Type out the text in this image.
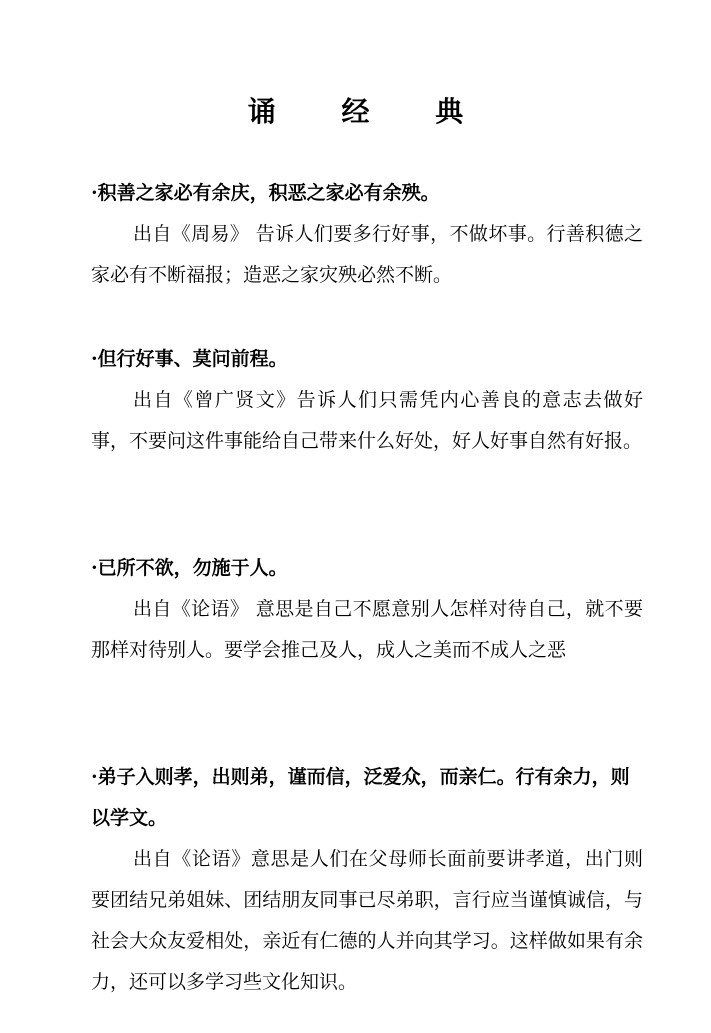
诵 经 典
·积善之家必有余庆，积恶之家必有余殃。
出自《周易》 告诉人们要多行好事，不做坏事。行善积德之家必有不断福报；造恶之家灾殃必然不断。
·但行好事、莫问前程。
出自《曾广贤文》告诉人们只需凭内心善良的意志去做好事，不要问这件事能给自己带来什么好处，好人好事自然有好报。
·已所不欲，勿施于人。
出自《论语》 意思是自己不愿意别人怎样对待自己，就不要那样对待别人。要学会推己及人，成人之美而不成人之恶
·弟子入则孝，出则弟，谨而信，泛爱众，而亲仁。行有余力，则以学文。
出自《论语》意思是人们在父母师长面前要讲孝道，出门则要团结兄弟姐妹、团结朋友同事已尽弟职，言行应当谨慎诚信，与社会大众友爱相处，亲近有仁德的人并向其学习。这样做如果有余力，还可以多学习些文化知识。
